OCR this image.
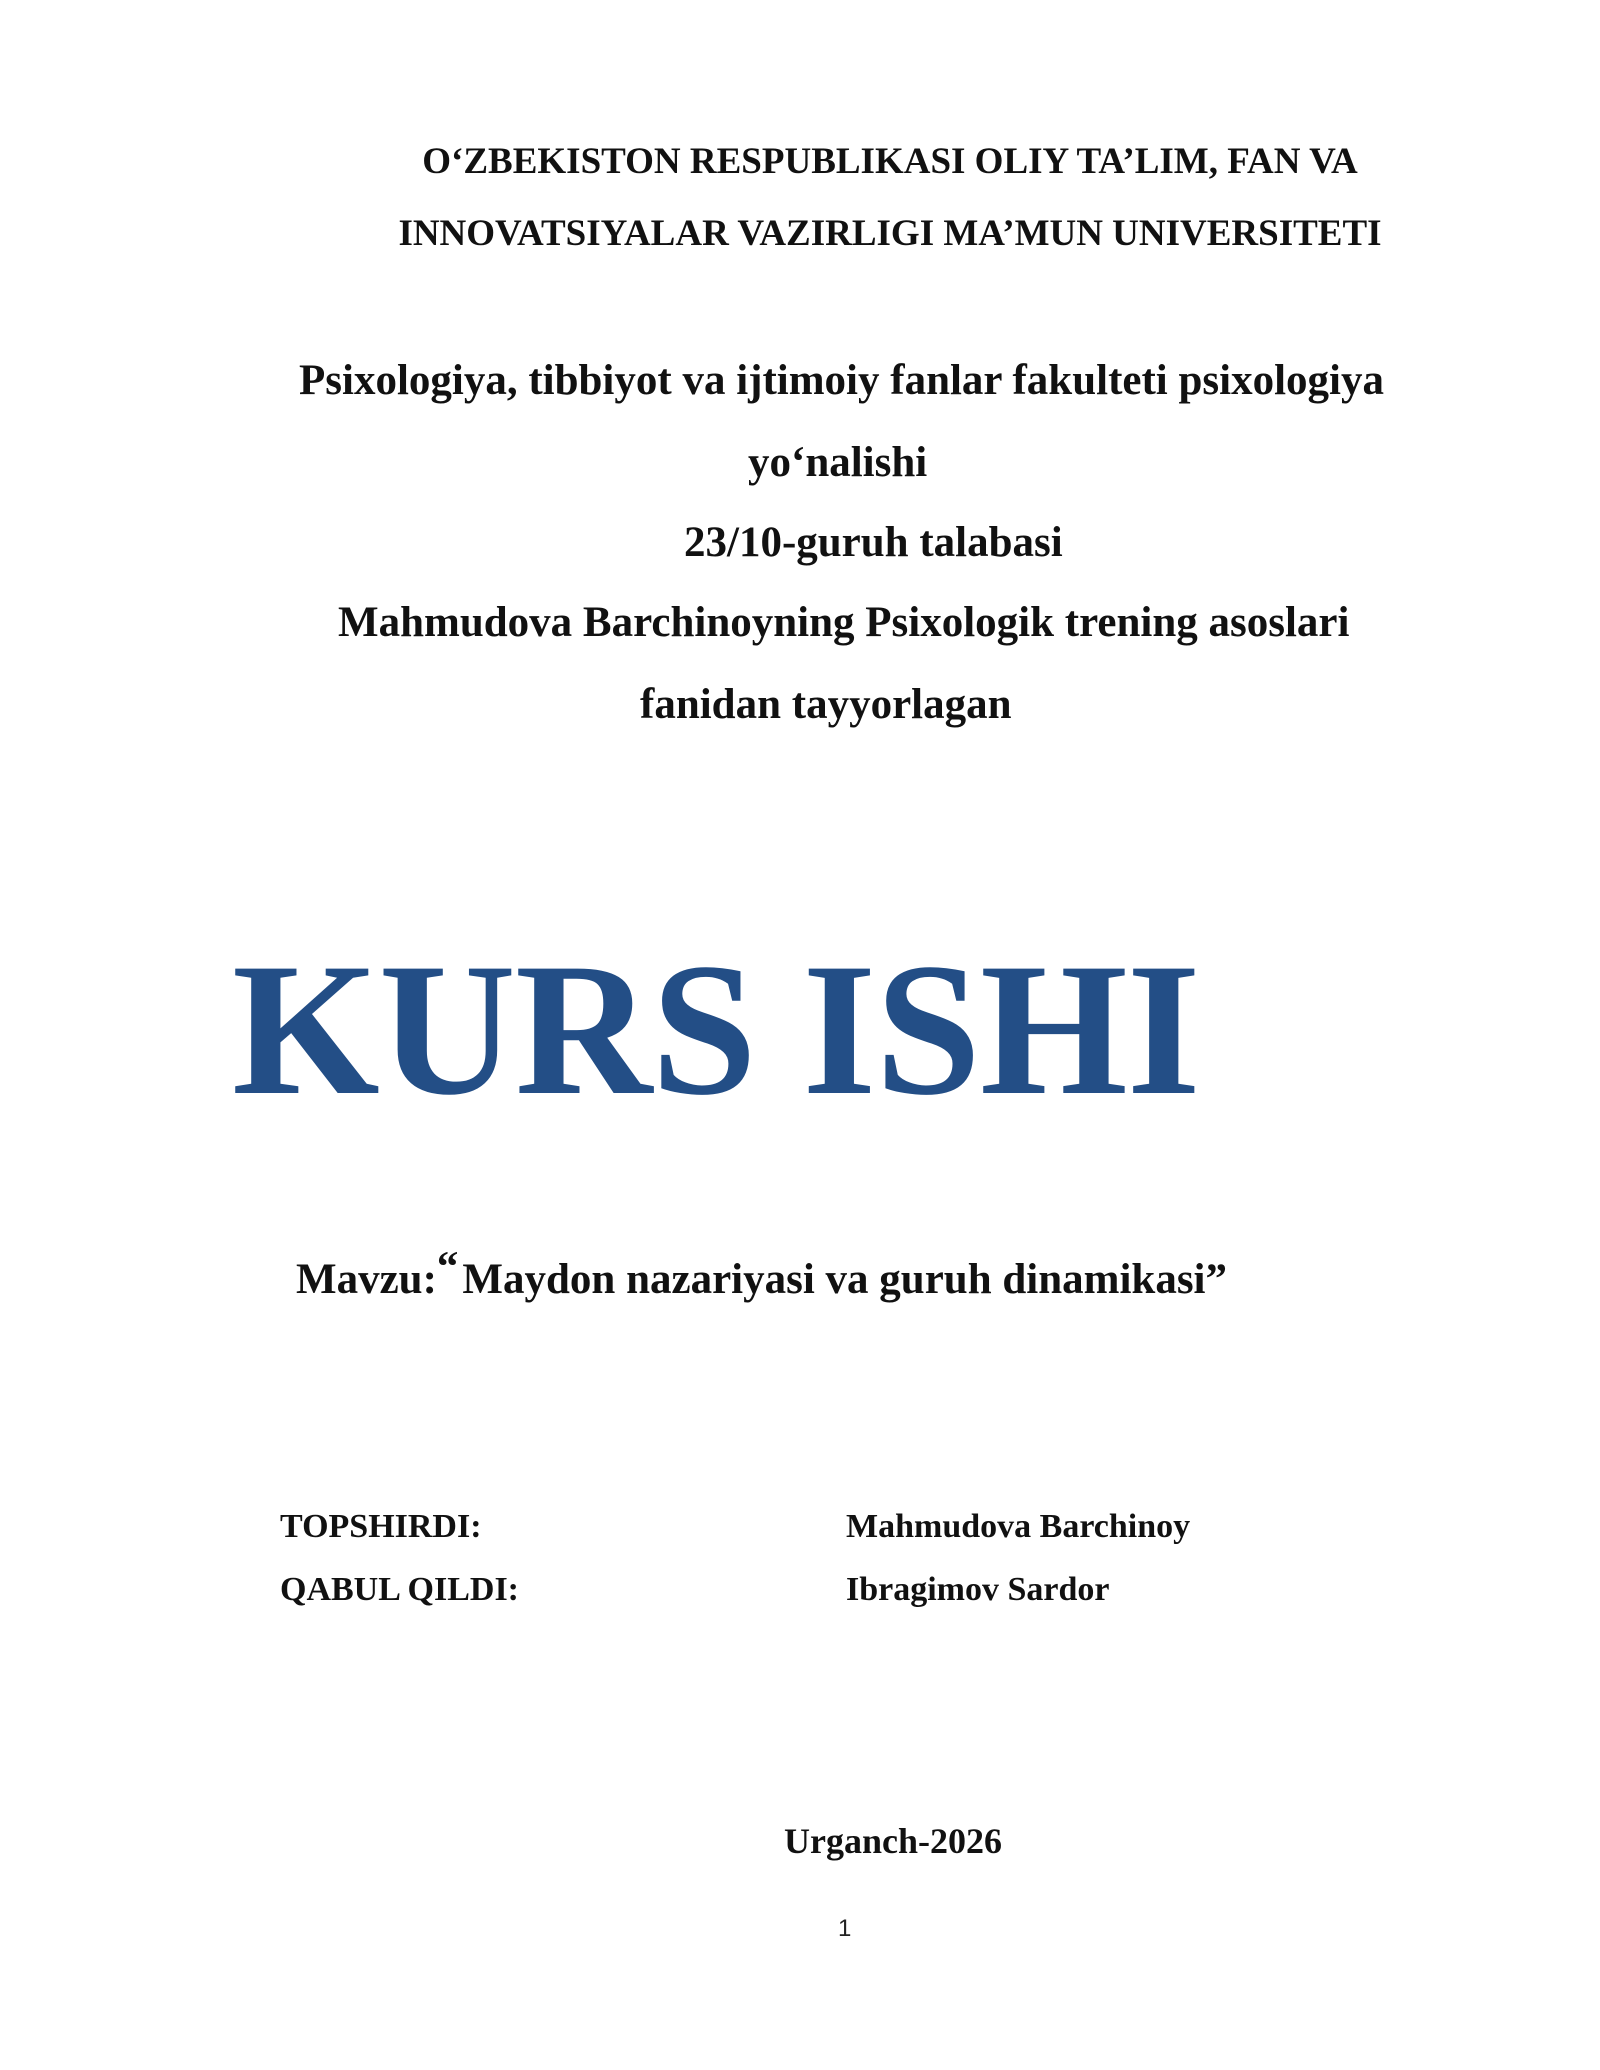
O‘ZBEKISTON RESPUBLIKASI OLIY TA’LIM, FAN VA
INNOVATSIYALAR VAZIRLIGI MA’MUN UNIVERSITETI
Psixologiya, tibbiyot va ijtimoiy fanlar fakulteti psixologiya
yo‘nalishi
23/10-guruh talabasi
Mahmudova Barchinoyning Psixologik trening asoslari
fanidan tayyorlagan
KURS ISHI
Mavzu:“Maydon nazariyasi va guruh dinamikasi”
TOPSHIRDI:	Mahmudova Barchinoy
QABUL QILDI:	Ibragimov Sardor
Urganch-2026
1
